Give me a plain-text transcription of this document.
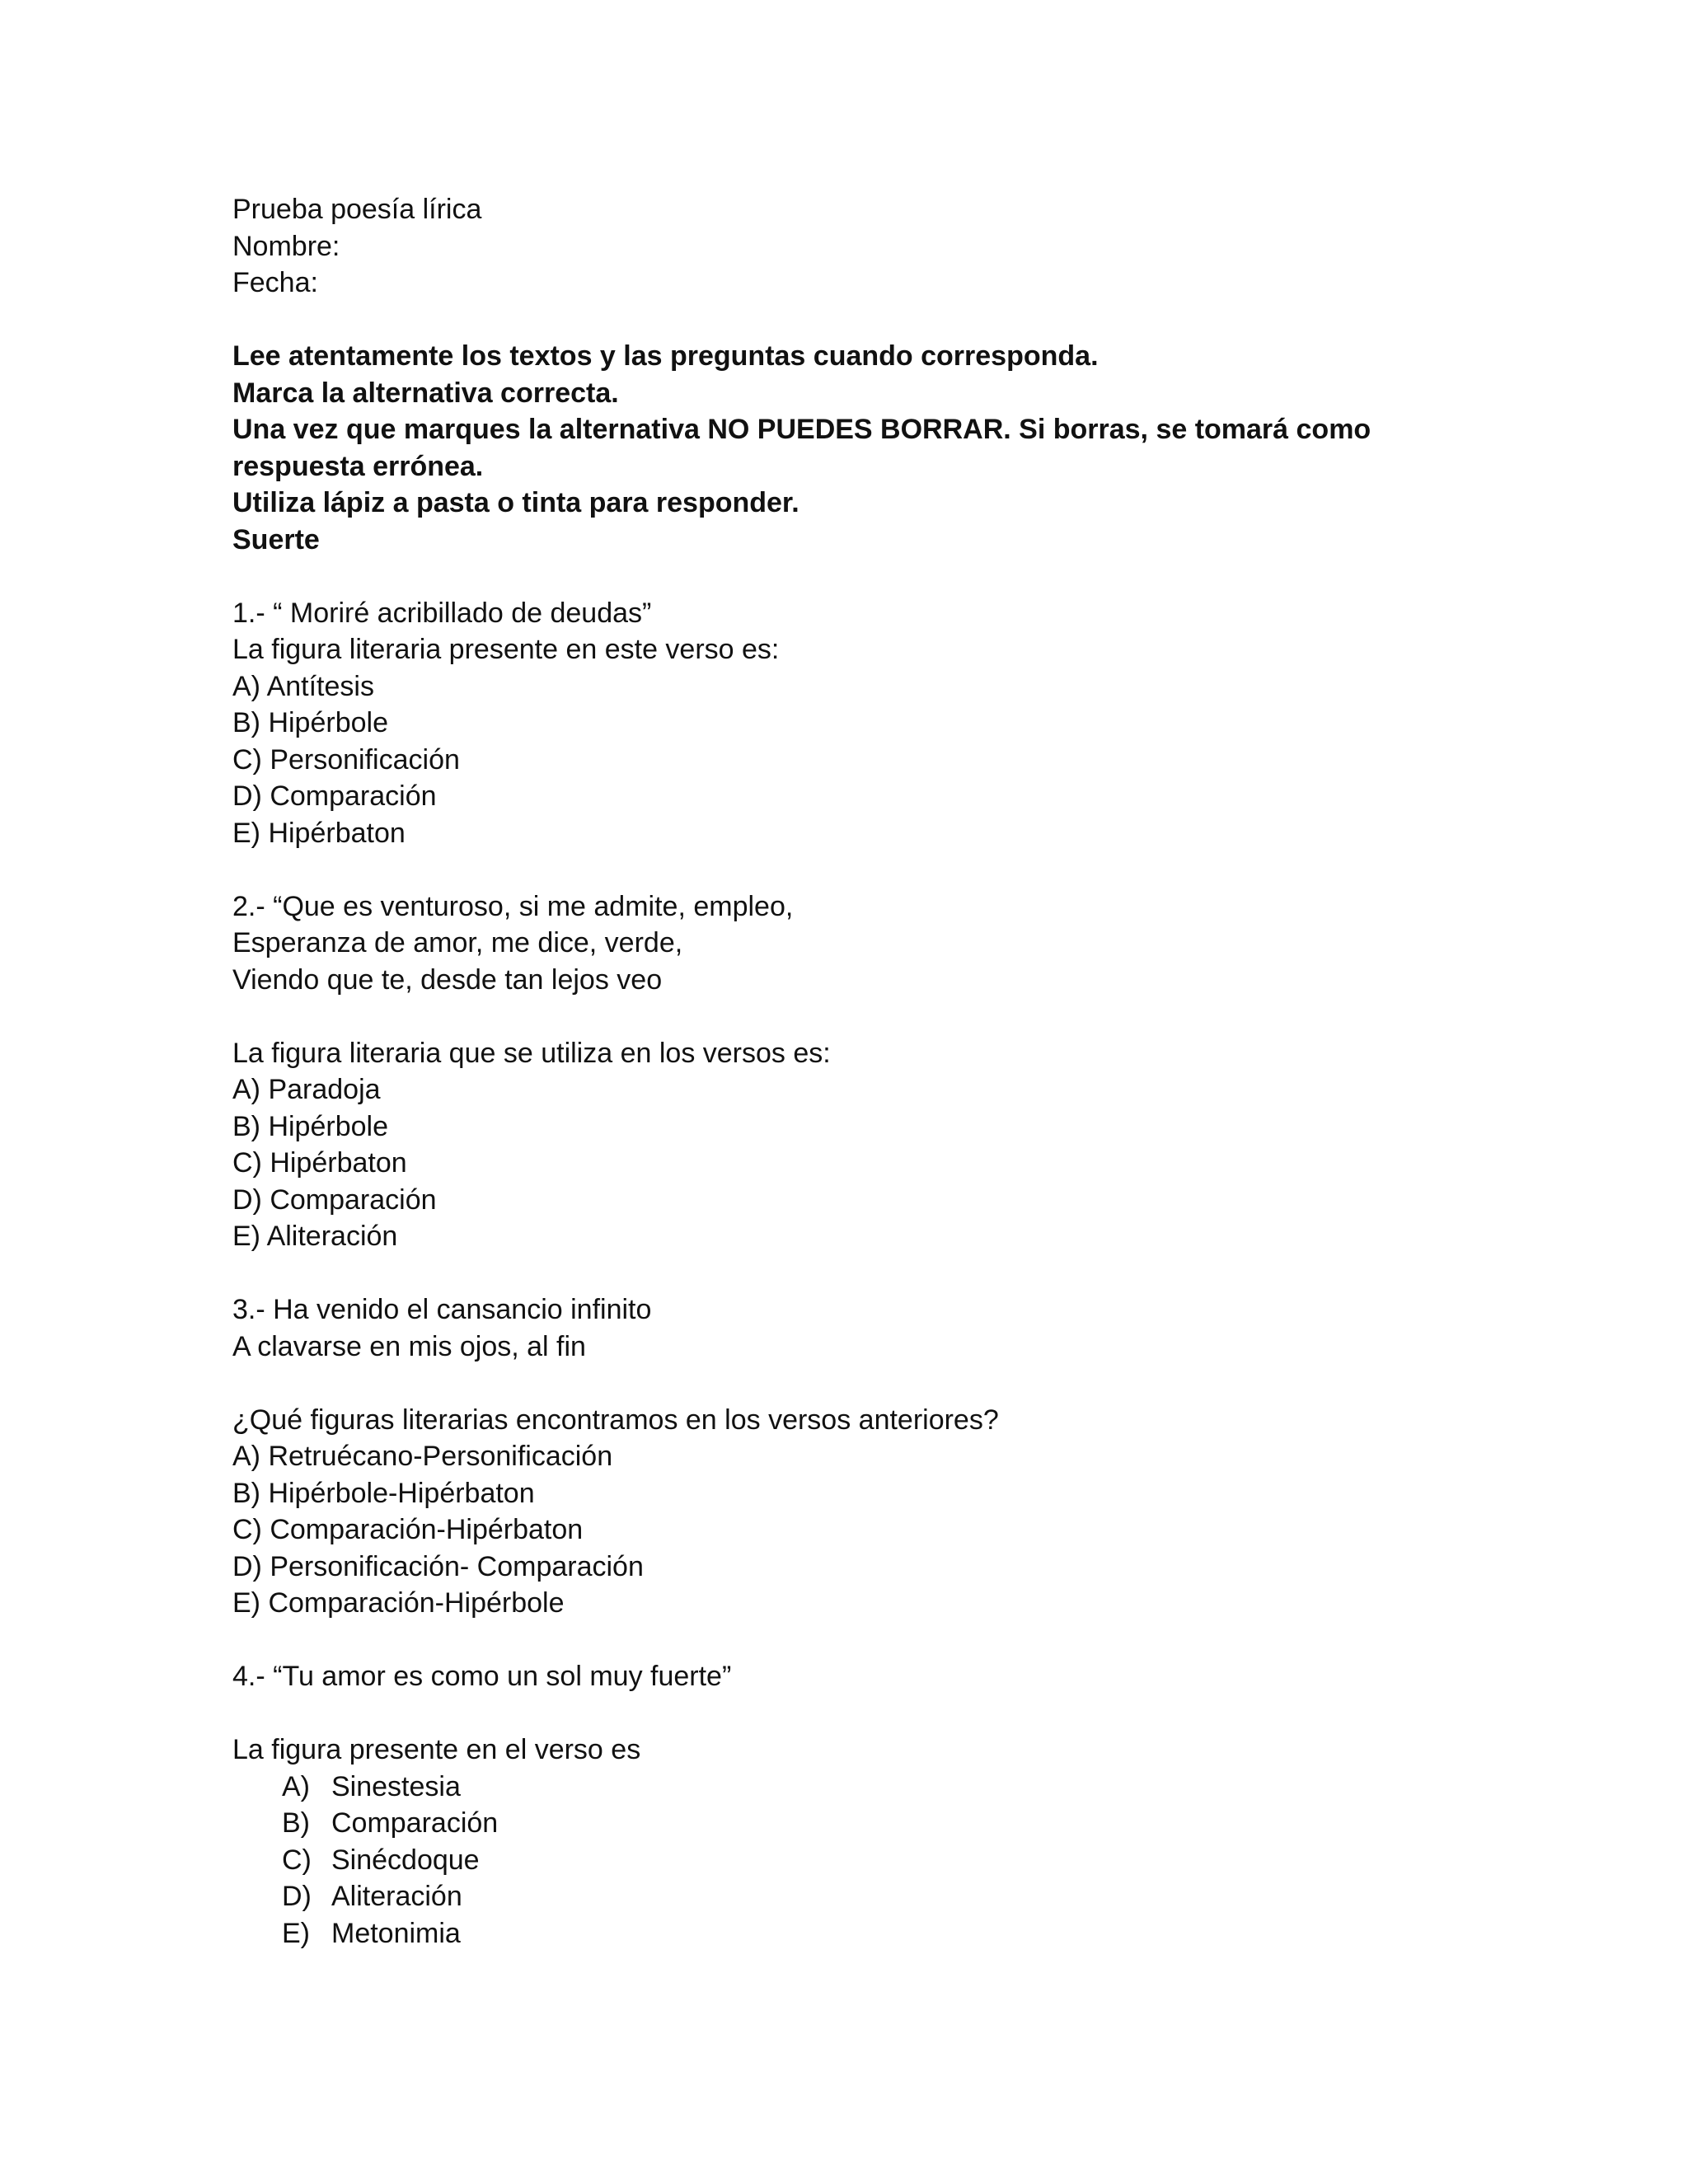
Prueba poesía lírica
Nombre:
Fecha:
Lee atentamente los textos y las preguntas cuando corresponda.
Marca la alternativa correcta.
Una vez que marques la alternativa NO PUEDES BORRAR. Si borras, se tomará como respuesta errónea.
Utiliza lápiz a pasta o tinta para responder.
Suerte
1.- “ Moriré acribillado de deudas”
La figura literaria presente en este verso es:
A) Antítesis
B) Hipérbole
C) Personificación
D) Comparación
E) Hipérbaton
2.- “Que es venturoso, si me admite, empleo,
Esperanza de amor, me dice, verde,
Viendo que te, desde tan lejos veo
La figura literaria que se utiliza en los versos es:
A) Paradoja
B) Hipérbole
C) Hipérbaton
D) Comparación
E) Aliteración
3.- Ha venido el cansancio infinito
A clavarse en mis ojos, al fin
¿Qué figuras literarias encontramos en los versos anteriores?
A) Retruécano-Personificación
B) Hipérbole-Hipérbaton
C) Comparación-Hipérbaton
D) Personificación- Comparación
E) Comparación-Hipérbole
4.- “Tu amor es como un sol muy fuerte”
La figura presente en el verso es
A) Sinestesia
B) Comparación
C) Sinécdoque
D) Aliteración
E) Metonimia
